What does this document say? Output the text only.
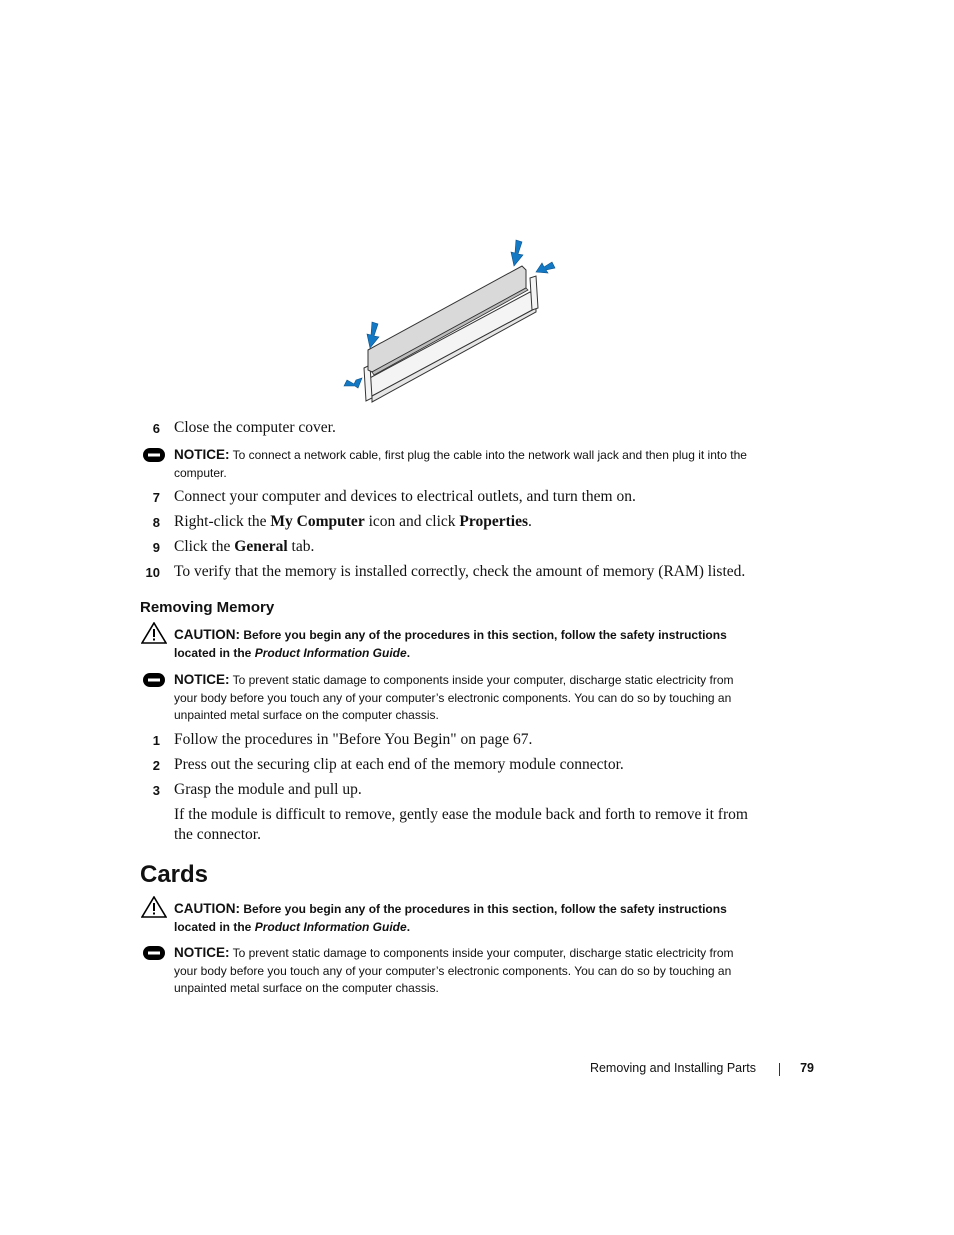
6 Close the computer cover.
NOTICE: To connect a network cable, first plug the cable into the network wall jack and then plug it into the computer.
7 Connect your computer and devices to electrical outlets, and turn them on.
8 Right-click the My Computer icon and click Properties.
9 Click the General tab.
10 To verify that the memory is installed correctly, check the amount of memory (RAM) listed.
Removing Memory
CAUTION: Before you begin any of the procedures in this section, follow the safety instructions located in the Product Information Guide.
NOTICE: To prevent static damage to components inside your computer, discharge static electricity from your body before you touch any of your computer’s electronic components. You can do so by touching an unpainted metal surface on the computer chassis.
1 Follow the procedures in "Before You Begin" on page 67.
2 Press out the securing clip at each end of the memory module connector.
3 Grasp the module and pull up.
If the module is difficult to remove, gently ease the module back and forth to remove it from the connector.
Cards
CAUTION: Before you begin any of the procedures in this section, follow the safety instructions located in the Product Information Guide.
NOTICE: To prevent static damage to components inside your computer, discharge static electricity from your body before you touch any of your computer’s electronic components. You can do so by touching an unpainted metal surface on the computer chassis.
Removing and Installing Parts	79
